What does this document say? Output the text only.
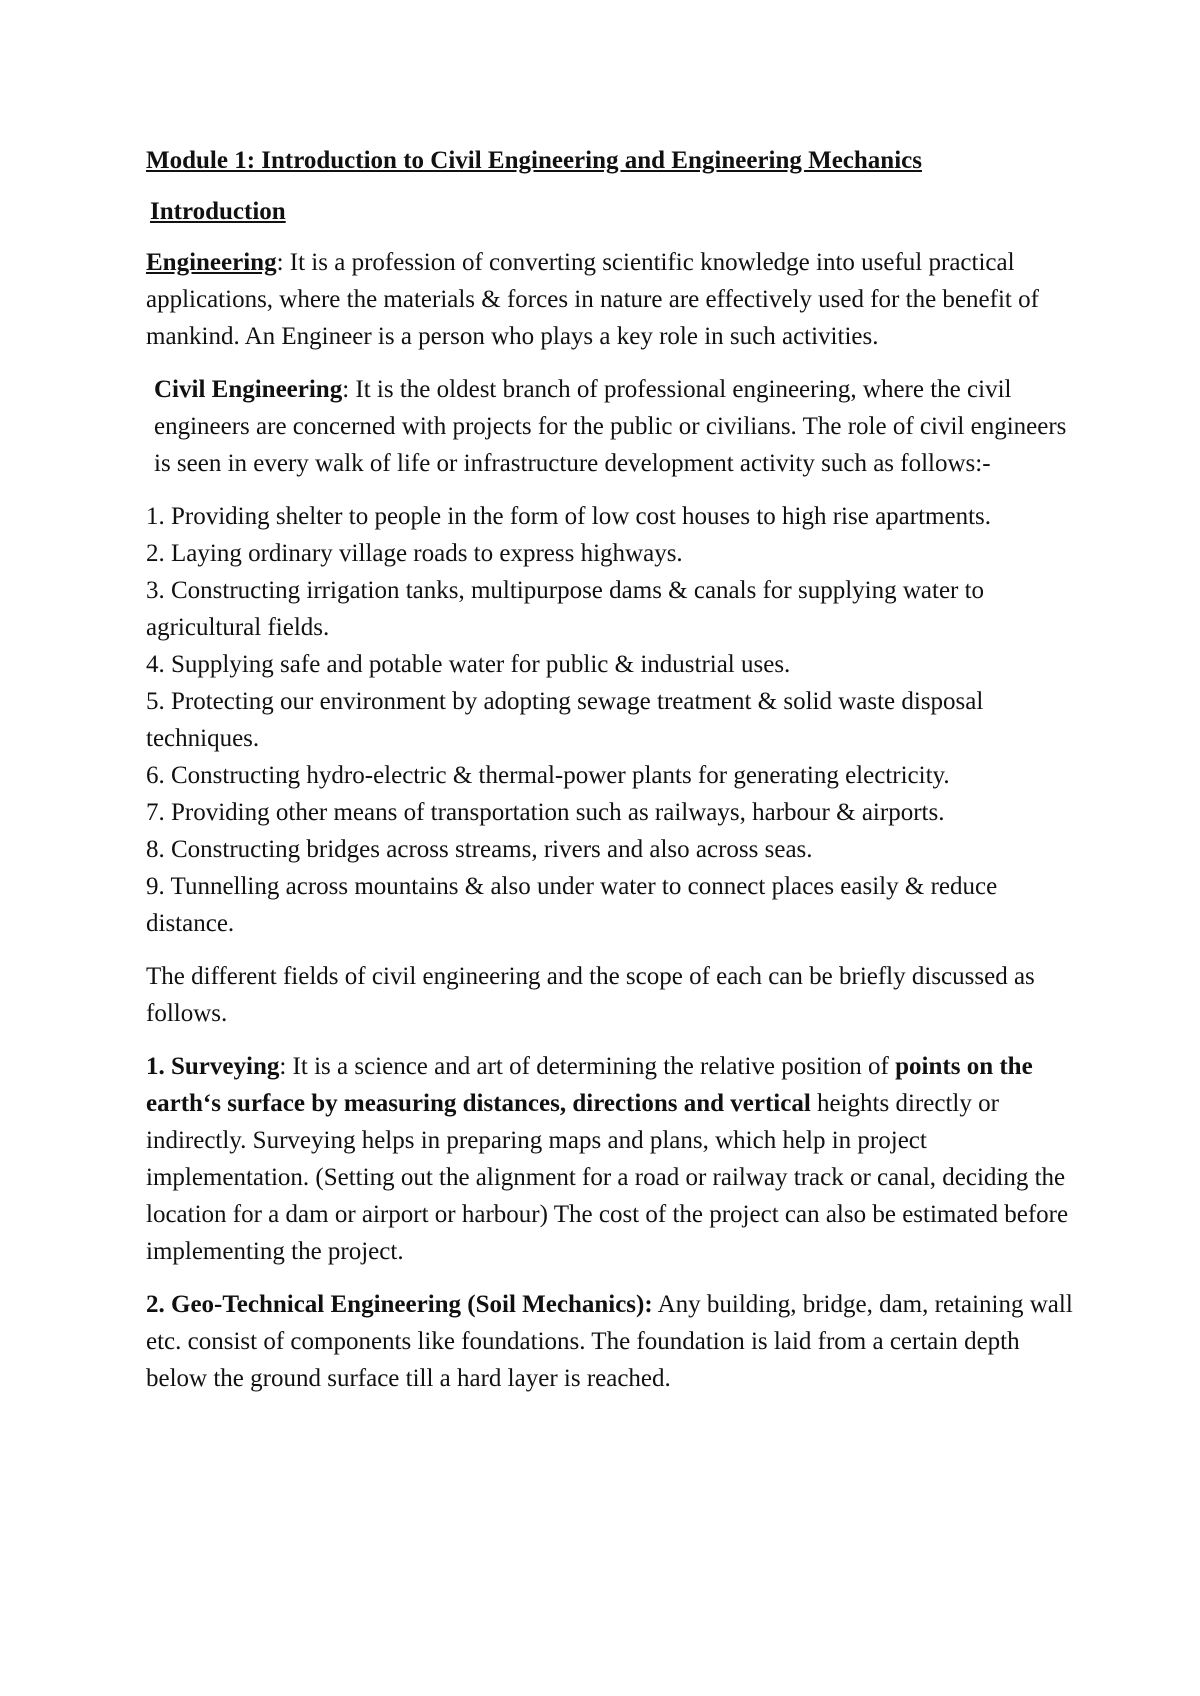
Module 1: Introduction to Civil Engineering and Engineering Mechanics
Introduction

Engineering: It is a profession of converting scientific knowledge into useful practical applications, where the materials & forces in nature are effectively used for the benefit of mankind. An Engineer is a person who plays a key role in such activities.

Civil Engineering: It is the oldest branch of professional engineering, where the civil engineers are concerned with projects for the public or civilians. The role of civil engineers is seen in every walk of life or infrastructure development activity such as follows:-

1. Providing shelter to people in the form of low cost houses to high rise apartments.
2. Laying ordinary village roads to express highways.
3. Constructing irrigation tanks, multipurpose dams & canals for supplying water to agricultural fields.
4. Supplying safe and potable water for public & industrial uses.
5. Protecting our environment by adopting sewage treatment & solid waste disposal techniques.
6. Constructing hydro-electric & thermal-power plants for generating electricity.
7. Providing other means of transportation such as railways, harbour & airports.
8. Constructing bridges across streams, rivers and also across seas.
9. Tunnelling across mountains & also under water to connect places easily & reduce distance.

The different fields of civil engineering and the scope of each can be briefly discussed as follows.

1. Surveying: It is a science and art of determining the relative position of points on the earth‘s surface by measuring distances, directions and vertical heights directly or indirectly. Surveying helps in preparing maps and plans, which help in project implementation. (Setting out the alignment for a road or railway track or canal, deciding the location for a dam or airport or harbour) The cost of the project can also be estimated before implementing the project.

2. Geo-Technical Engineering (Soil Mechanics): Any building, bridge, dam, retaining wall etc. consist of components like foundations. The foundation is laid from a certain depth below the ground surface till a hard layer is reached.
